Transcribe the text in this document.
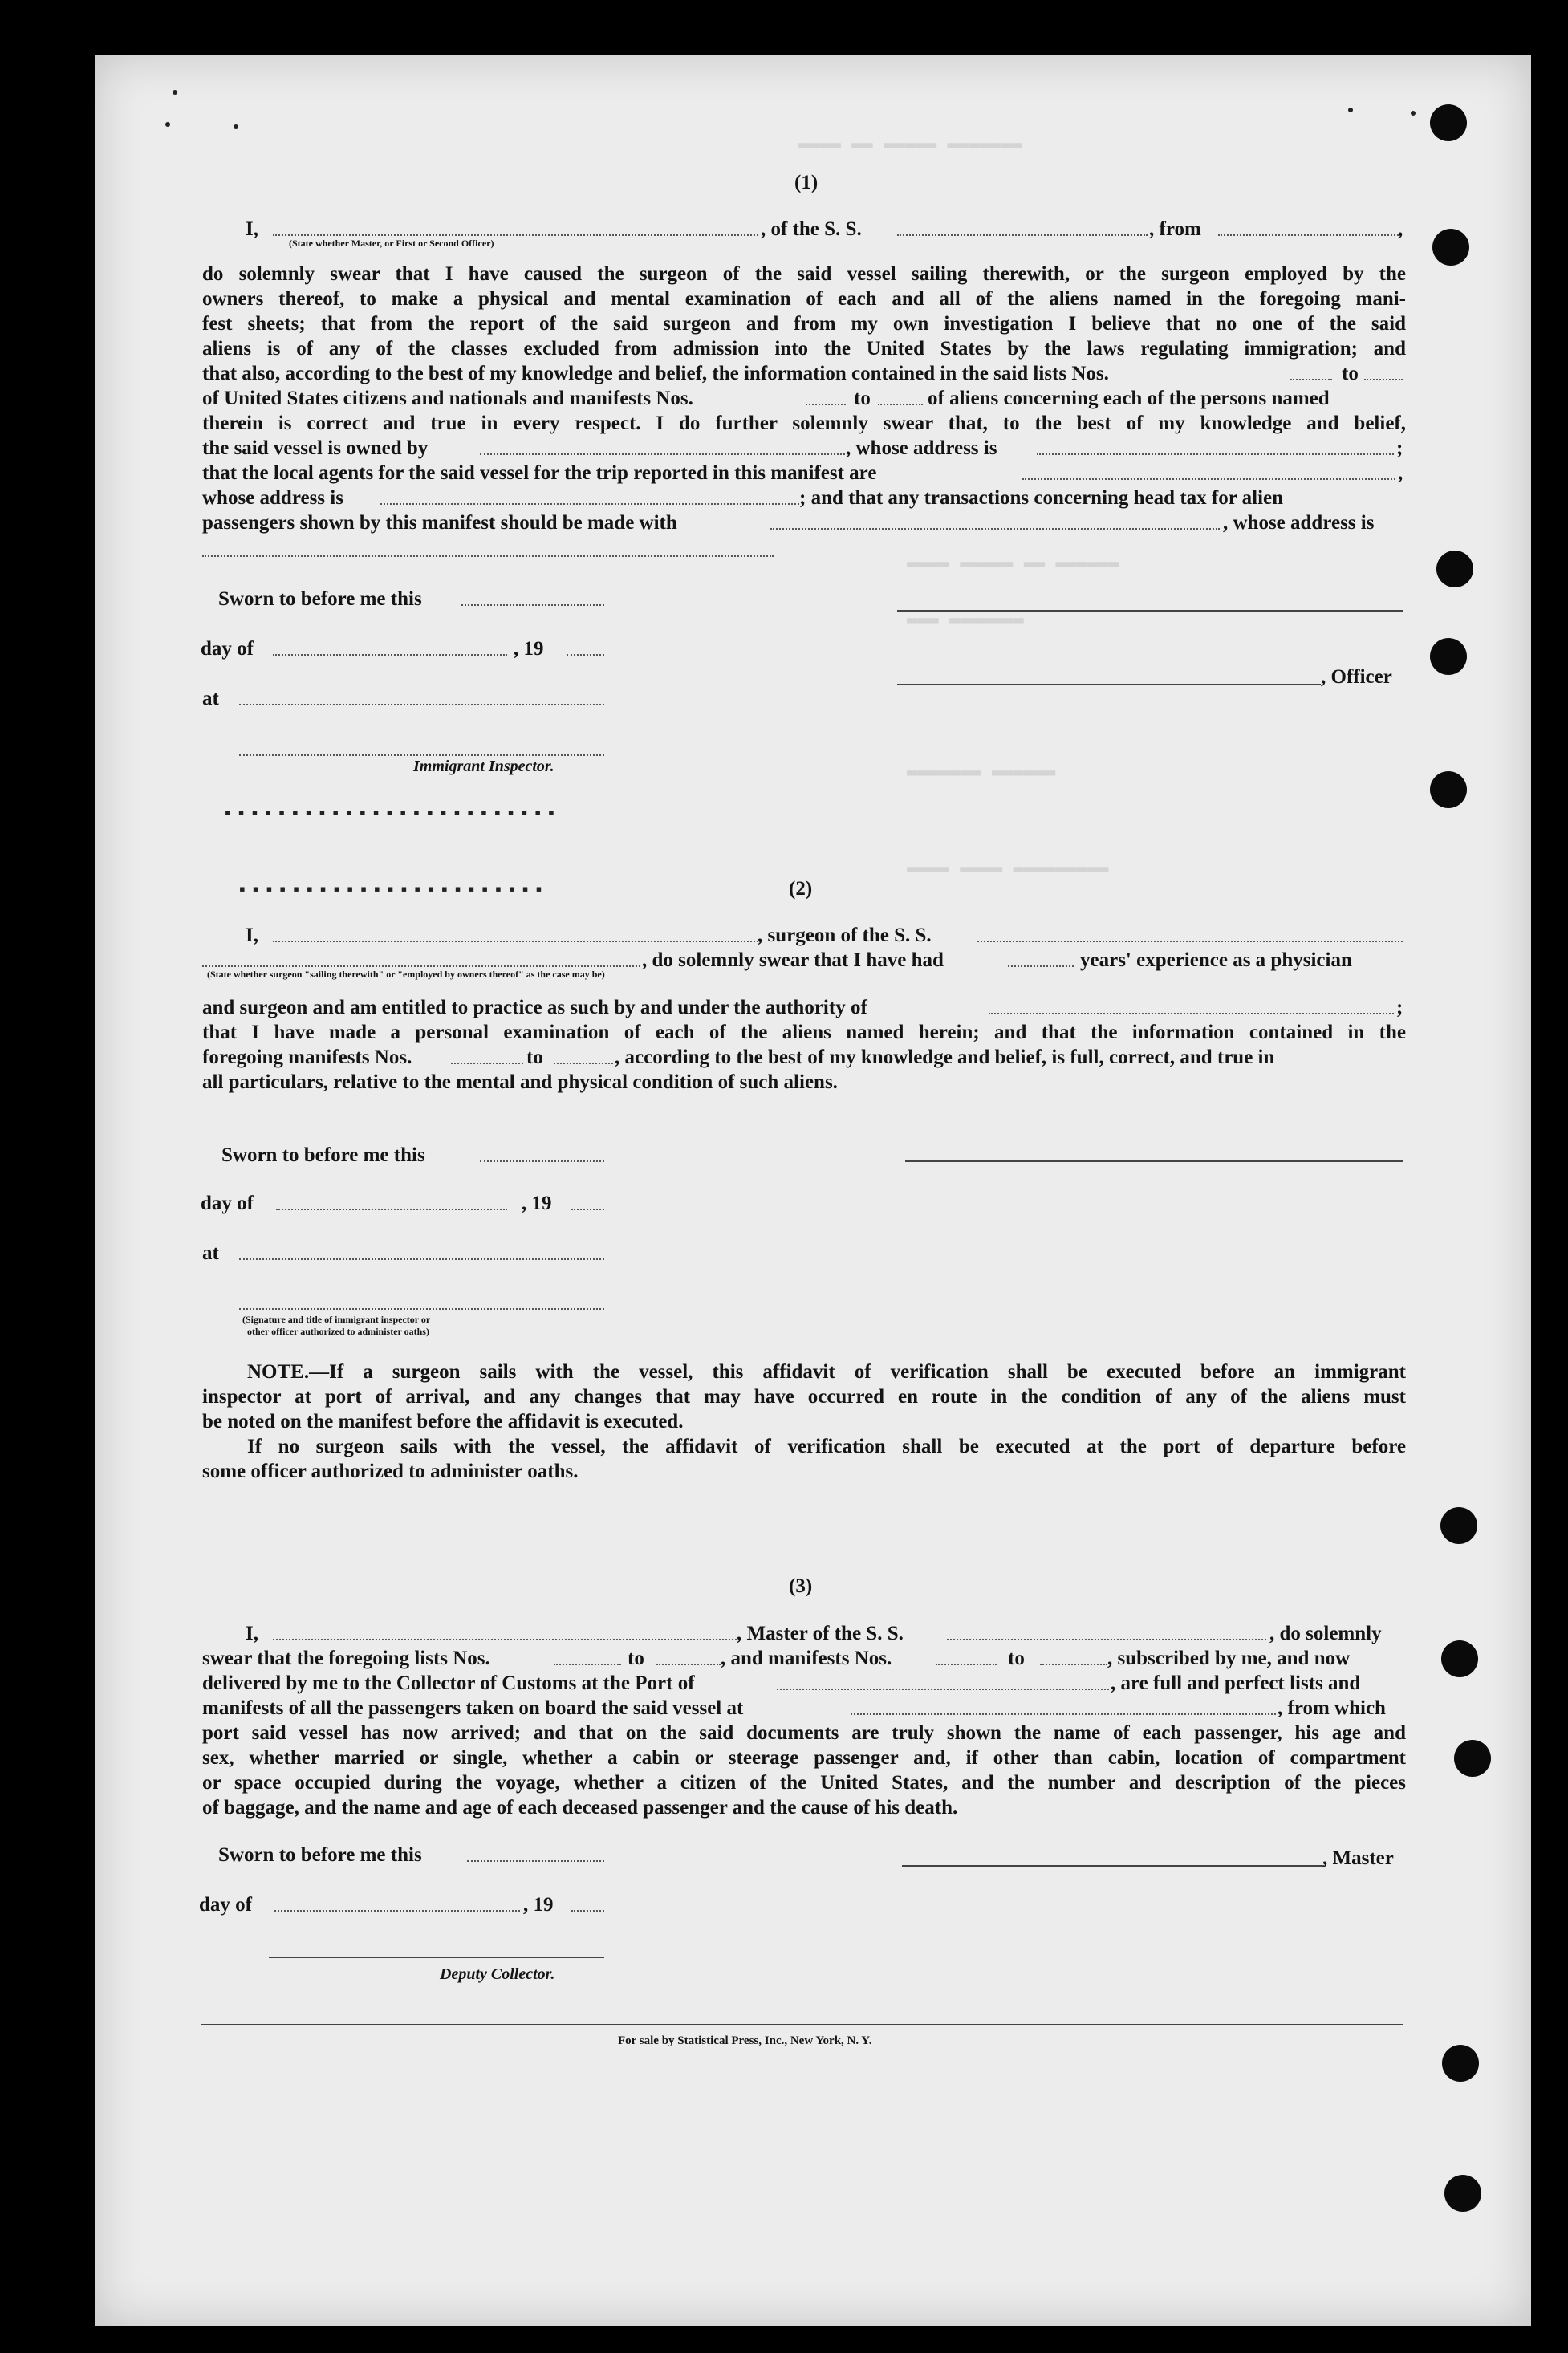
▬▬▬▬ ▬▬ ▬▬▬▬▬ ▬▬▬▬▬▬▬
▬▬▬▬ ▬▬▬▬▬ ▬▬ ▬▬▬▬▬▬
▬▬▬ ▬▬▬▬▬▬▬
▬▬▬▬▬▬▬ ▬▬▬▬▬▬
▬▬▬▬ ▬▬▬▬ ▬▬▬▬▬▬▬▬▬
(1)
I,
(State whether Master, or First or Second Officer)
, of the S. S.	, from	,
do solemnly swear that I have caused the surgeon of the said vessel sailing therewith, or the surgeon employed by the
owners thereof, to make a physical and mental examination of each and all of the aliens named in the foregoing mani-
fest sheets; that from the report of the said surgeon and from my own investigation I believe that no one of the said
aliens is of any of the classes excluded from admission into the United States by the laws regulating immigration; and
that also, according to the best of my knowledge and belief, the information contained in the said lists Nos.	to
of United States citizens and nationals and manifests Nos.	to	of aliens concerning each of the persons named
therein is correct and true in every respect. I do further solemnly swear that, to the best of my knowledge and belief,
the said vessel is owned by	, whose address is	;
that the local agents for the said vessel for the trip reported in this manifest are	,
whose address is	; and that any transactions concerning head tax for alien
passengers shown by this manifest should be made with	, whose address is
Sworn to before me this
day of	, 19
, Officer
at
Immigrant Inspector.
▪▪▪▪▪▪▪▪▪▪▪▪▪▪▪▪▪▪▪▪▪▪▪▪▪
▪▪▪▪▪▪▪▪▪▪▪▪▪▪▪▪▪▪▪▪▪▪▪	(2)
I,	, surgeon of the S. S.
, do solemnly swear that I have had	years' experience as a physician
(State whether surgeon "sailing therewith" or "employed by owners thereof" as the case may be)
and surgeon and am entitled to practice as such by and under the authority of	;
that I have made a personal examination of each of the aliens named herein; and that the information contained in the
foregoing manifests Nos.	to	, according to the best of my knowledge and belief, is full, correct, and true in
all particulars, relative to the mental and physical condition of such aliens.
Sworn to before me this
day of	, 19
at
(Signature and title of immigrant inspector or
other officer authorized to administer oaths)
NOTE.—If a surgeon sails with the vessel, this affidavit of verification shall be executed before an immigrant
inspector at port of arrival, and any changes that may have occurred en route in the condition of any of the aliens must
be noted on the manifest before the affidavit is executed.
If no surgeon sails with the vessel, the affidavit of verification shall be executed at the port of departure before
some officer authorized to administer oaths.
(3)
I,	, Master of the S. S.	, do solemnly
swear that the foregoing lists Nos.	to	, and manifests Nos.	to	, subscribed by me, and now
delivered by me to the Collector of Customs at the Port of	, are full and perfect lists and
manifests of all the passengers taken on board the said vessel at	, from which
port said vessel has now arrived; and that on the said documents are truly shown the name of each passenger, his age and
sex, whether married or single, whether a cabin or steerage passenger and, if other than cabin, location of compartment
or space occupied during the voyage, whether a citizen of the United States, and the number and description of the pieces
of baggage, and the name and age of each deceased passenger and the cause of his death.
Sworn to before me this	, Master
day of	, 19
Deputy Collector.
For sale by Statistical Press, Inc., New York, N. Y.
